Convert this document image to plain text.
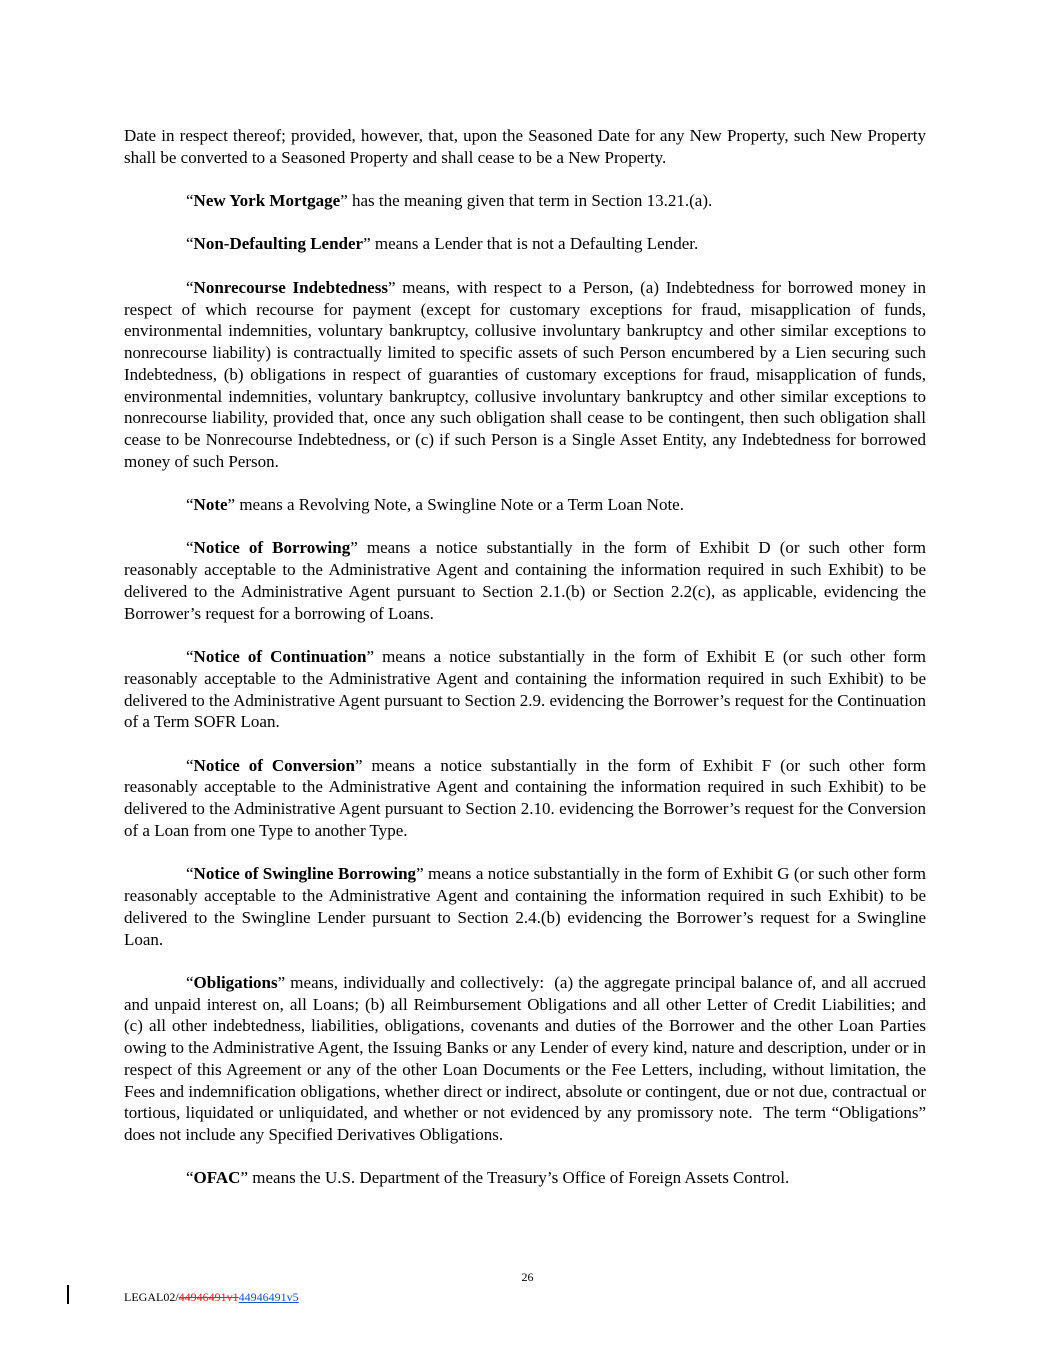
Date in respect thereof; provided, however, that, upon the Seasoned Date for any New Property, such New Property shall be converted to a Seasoned Property and shall cease to be a New Property.

“New York Mortgage” has the meaning given that term in Section 13.21.(a).

“Non-Defaulting Lender” means a Lender that is not a Defaulting Lender.

“Nonrecourse Indebtedness” means, with respect to a Person, (a) Indebtedness for borrowed money in respect of which recourse for payment (except for customary exceptions for fraud, misapplication of funds, environmental indemnities, voluntary bankruptcy, collusive involuntary bankruptcy and other similar exceptions to nonrecourse liability) is contractually limited to specific assets of such Person encumbered by a Lien securing such Indebtedness, (b) obligations in respect of guaranties of customary exceptions for fraud, misapplication of funds, environmental indemnities, voluntary bankruptcy, collusive involuntary bankruptcy and other similar exceptions to nonrecourse liability, provided that, once any such obligation shall cease to be contingent, then such obligation shall cease to be Nonrecourse Indebtedness, or (c) if such Person is a Single Asset Entity, any Indebtedness for borrowed money of such Person.

“Note” means a Revolving Note, a Swingline Note or a Term Loan Note.

“Notice of Borrowing” means a notice substantially in the form of Exhibit D (or such other form reasonably acceptable to the Administrative Agent and containing the information required in such Exhibit) to be delivered to the Administrative Agent pursuant to Section 2.1.(b) or Section 2.2(c), as applicable, evidencing the Borrower’s request for a borrowing of Loans.

“Notice of Continuation” means a notice substantially in the form of Exhibit E (or such other form reasonably acceptable to the Administrative Agent and containing the information required in such Exhibit) to be delivered to the Administrative Agent pursuant to Section 2.9. evidencing the Borrower’s request for the Continuation of a Term SOFR Loan.

“Notice of Conversion” means a notice substantially in the form of Exhibit F (or such other form reasonably acceptable to the Administrative Agent and containing the information required in such Exhibit) to be delivered to the Administrative Agent pursuant to Section 2.10. evidencing the Borrower’s request for the Conversion of a Loan from one Type to another Type.

“Notice of Swingline Borrowing” means a notice substantially in the form of Exhibit G (or such other form reasonably acceptable to the Administrative Agent and containing the information required in such Exhibit) to be delivered to the Swingline Lender pursuant to Section 2.4.(b) evidencing the Borrower’s request for a Swingline Loan.

“Obligations” means, individually and collectively:  (a) the aggregate principal balance of, and all accrued and unpaid interest on, all Loans; (b) all Reimbursement Obligations and all other Letter of Credit Liabilities; and (c) all other indebtedness, liabilities, obligations, covenants and duties of the Borrower and the other Loan Parties owing to the Administrative Agent, the Issuing Banks or any Lender of every kind, nature and description, under or in respect of this Agreement or any of the other Loan Documents or the Fee Letters, including, without limitation, the Fees and indemnification obligations, whether direct or indirect, absolute or contingent, due or not due, contractual or tortious, liquidated or unliquidated, and whether or not evidenced by any promissory note.  The term “Obligations” does not include any Specified Derivatives Obligations.

“OFAC” means the U.S. Department of the Treasury’s Office of Foreign Assets Control.

26
LEGAL02/44946491v144946491v5
